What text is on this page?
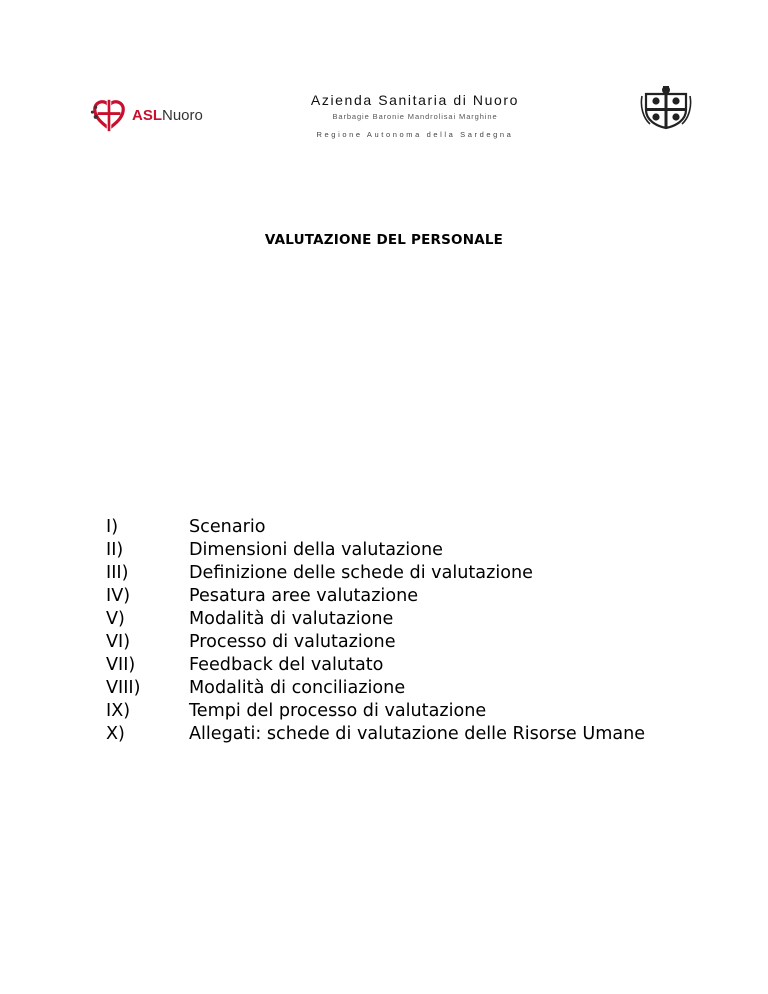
ASLNuoro
Azienda Sanitaria di Nuoro
Barbagie Baronie Mandrolisai Marghine
Regione Autonoma della Sardegna
VALUTAZIONE DEL PERSONALE
I)	Scenario
II)	Dimensioni della valutazione
III)	Definizione delle schede di valutazione
IV)	Pesatura aree valutazione
V)	Modalità di valutazione
VI)	Processo di valutazione
VII)	Feedback del valutato
VIII)	Modalità di conciliazione
IX)	Tempi del processo di valutazione
X)	Allegati: schede di valutazione delle Risorse Umane
